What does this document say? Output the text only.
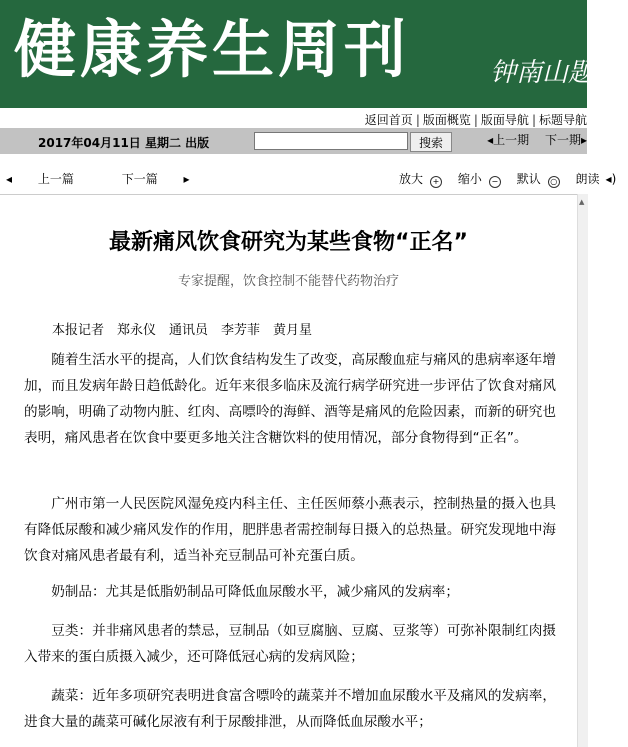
健康养生周刊	钟南山题
返回首页 | 版面概览 | 版面导航 | 标题导航
2017年04月11日 星期二 出版	搜索	◂上一期 下一期▸
◂ 上一篇	下一篇 ▸	放大 + 缩小 − 默认 ○ 朗读 ◂)
▲
最新痛风饮食研究为某些食物“正名”
专家提醒，饮食控制不能替代药物治疗
本报记者　郑永仪　通讯员　李芳菲　黄月星
随着生活水平的提高，人们饮食结构发生了改变，高尿酸血症与痛风的患病率逐年增加，而且发病年龄日趋低龄化。近年来很多临床及流行病学研究进一步评估了饮食对痛风的影响，明确了动物内脏、红肉、高嘌呤的海鲜、酒等是痛风的危险因素，而新的研究也表明，痛风患者在饮食中要更多地关注含糖饮料的使用情况，部分食物得到“正名”。
广州市第一人民医院风湿免疫内科主任、主任医师蔡小燕表示，控制热量的摄入也具有降低尿酸和减少痛风发作的作用，肥胖患者需控制每日摄入的总热量。研究发现地中海饮食对痛风患者最有利，适当补充豆制品可补充蛋白质。
奶制品：尤其是低脂奶制品可降低血尿酸水平，减少痛风的发病率；
豆类：并非痛风患者的禁忌，豆制品（如豆腐脑、豆腐、豆浆等）可弥补限制红肉摄入带来的蛋白质摄入减少，还可降低冠心病的发病风险；
蔬菜：近年多项研究表明进食富含嘌呤的蔬菜并不增加血尿酸水平及痛风的发病率，进食大量的蔬菜可碱化尿液有利于尿酸排泄，从而降低血尿酸水平；
